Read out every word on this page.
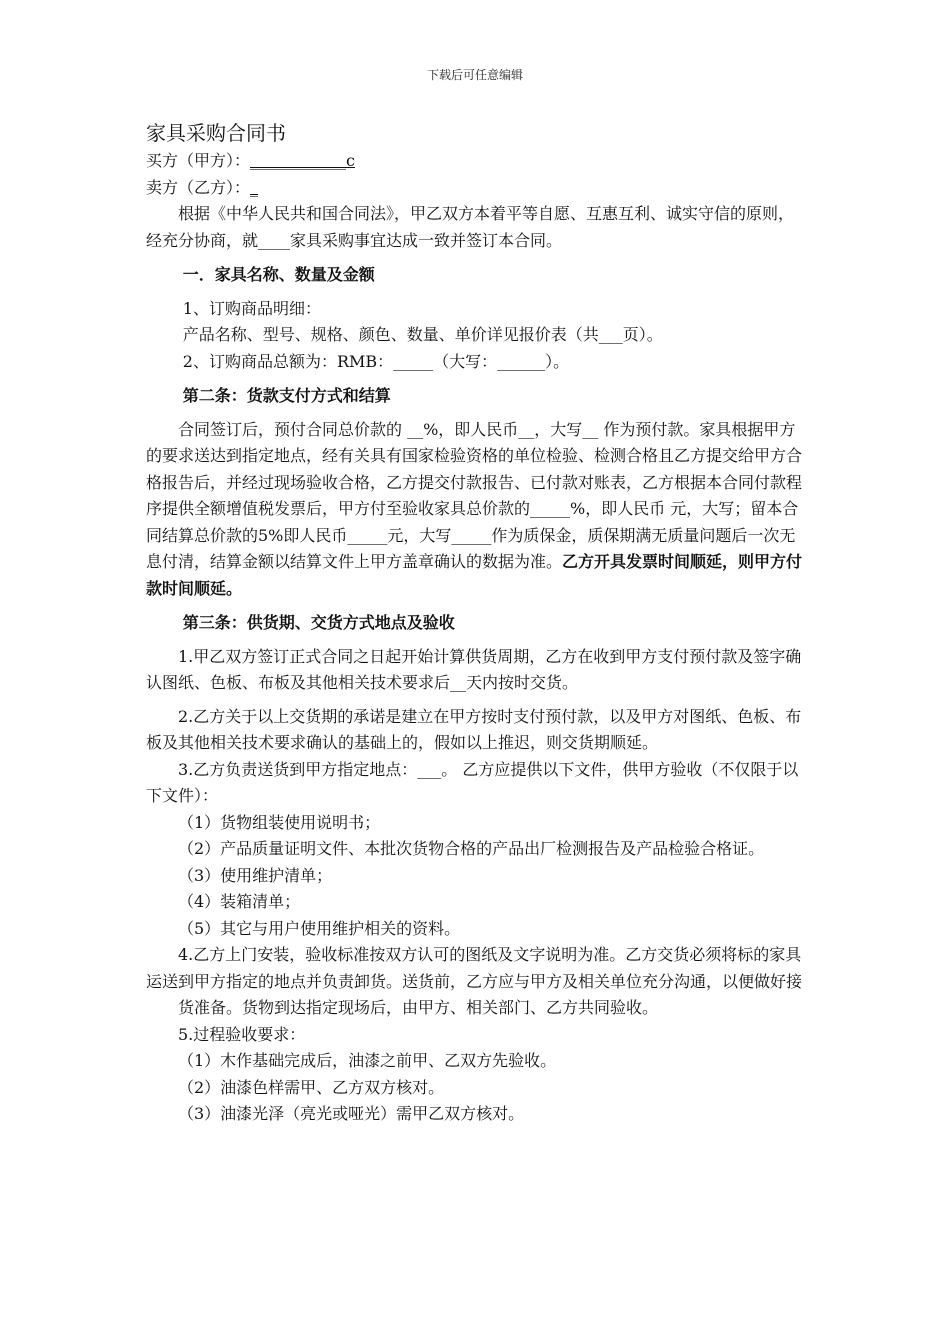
下载后可任意编辑
家具采购合同书

买方（甲方）：____________c

卖方（乙方）：_

根据《中华人民共和国合同法》，甲乙双方本着平等自愿、互惠互利、诚实守信的原则，经充分协商，就____家具采购事宜达成一致并签订本合同。

一．家具名称、数量及金额

1、订购商品明细：

产品名称、型号、规格、颜色、数量、单价详见报价表（共___页）。

2、订购商品总额为：RMB：_____（大写：______）。

第二条：货款支付方式和结算

合同签订后，预付合同总价款的 __%，即人民币__，大写__ 作为预付款。家具根据甲方的要求送达到指定地点，经有关具有国家检验资格的单位检验、检测合格且乙方提交给甲方合格报告后，并经过现场验收合格，乙方提交付款报告、已付款对账表，乙方根据本合同付款程序提供全额增值税发票后，甲方付至验收家具总价款的_____%，即人民币 元，大写；留本合同结算总价款的5%即人民币_____元，大写_____作为质保金，质保期满无质量问题后一次无息付清，结算金额以结算文件上甲方盖章确认的数据为准。乙方开具发票时间顺延，则甲方付款时间顺延。

第三条：供货期、交货方式地点及验收

1.甲乙双方签订正式合同之日起开始计算供货周期，乙方在收到甲方支付预付款及签字确认图纸、色板、布板及其他相关技术要求后__天内按时交货。

2.乙方关于以上交货期的承诺是建立在甲方按时支付预付款，以及甲方对图纸、色板、布板及其他相关技术要求确认的基础上的，假如以上推迟，则交货期顺延。

3.乙方负责送货到甲方指定地点：___。 乙方应提供以下文件，供甲方验收（不仅限于以下文件）：

（1）货物组装使用说明书；

（2）产品质量证明文件、本批次货物合格的产品出厂检测报告及产品检验合格证。

（3）使用维护清单；

（4）装箱清单；

（5）其它与用户使用维护相关的资料。

4.乙方上门安装，验收标准按双方认可的图纸及文字说明为准。乙方交货必须将标的家具运送到甲方指定的地点并负责卸货。送货前，乙方应与甲方及相关单位充分沟通，以便做好接

货准备。货物到达指定现场后，由甲方、相关部门、乙方共同验收。

5.过程验收要求：

（1）木作基础完成后，油漆之前甲、乙双方先验收。

（2）油漆色样需甲、乙方双方核对。

（3）油漆光泽（亮光或哑光）需甲乙双方核对。
